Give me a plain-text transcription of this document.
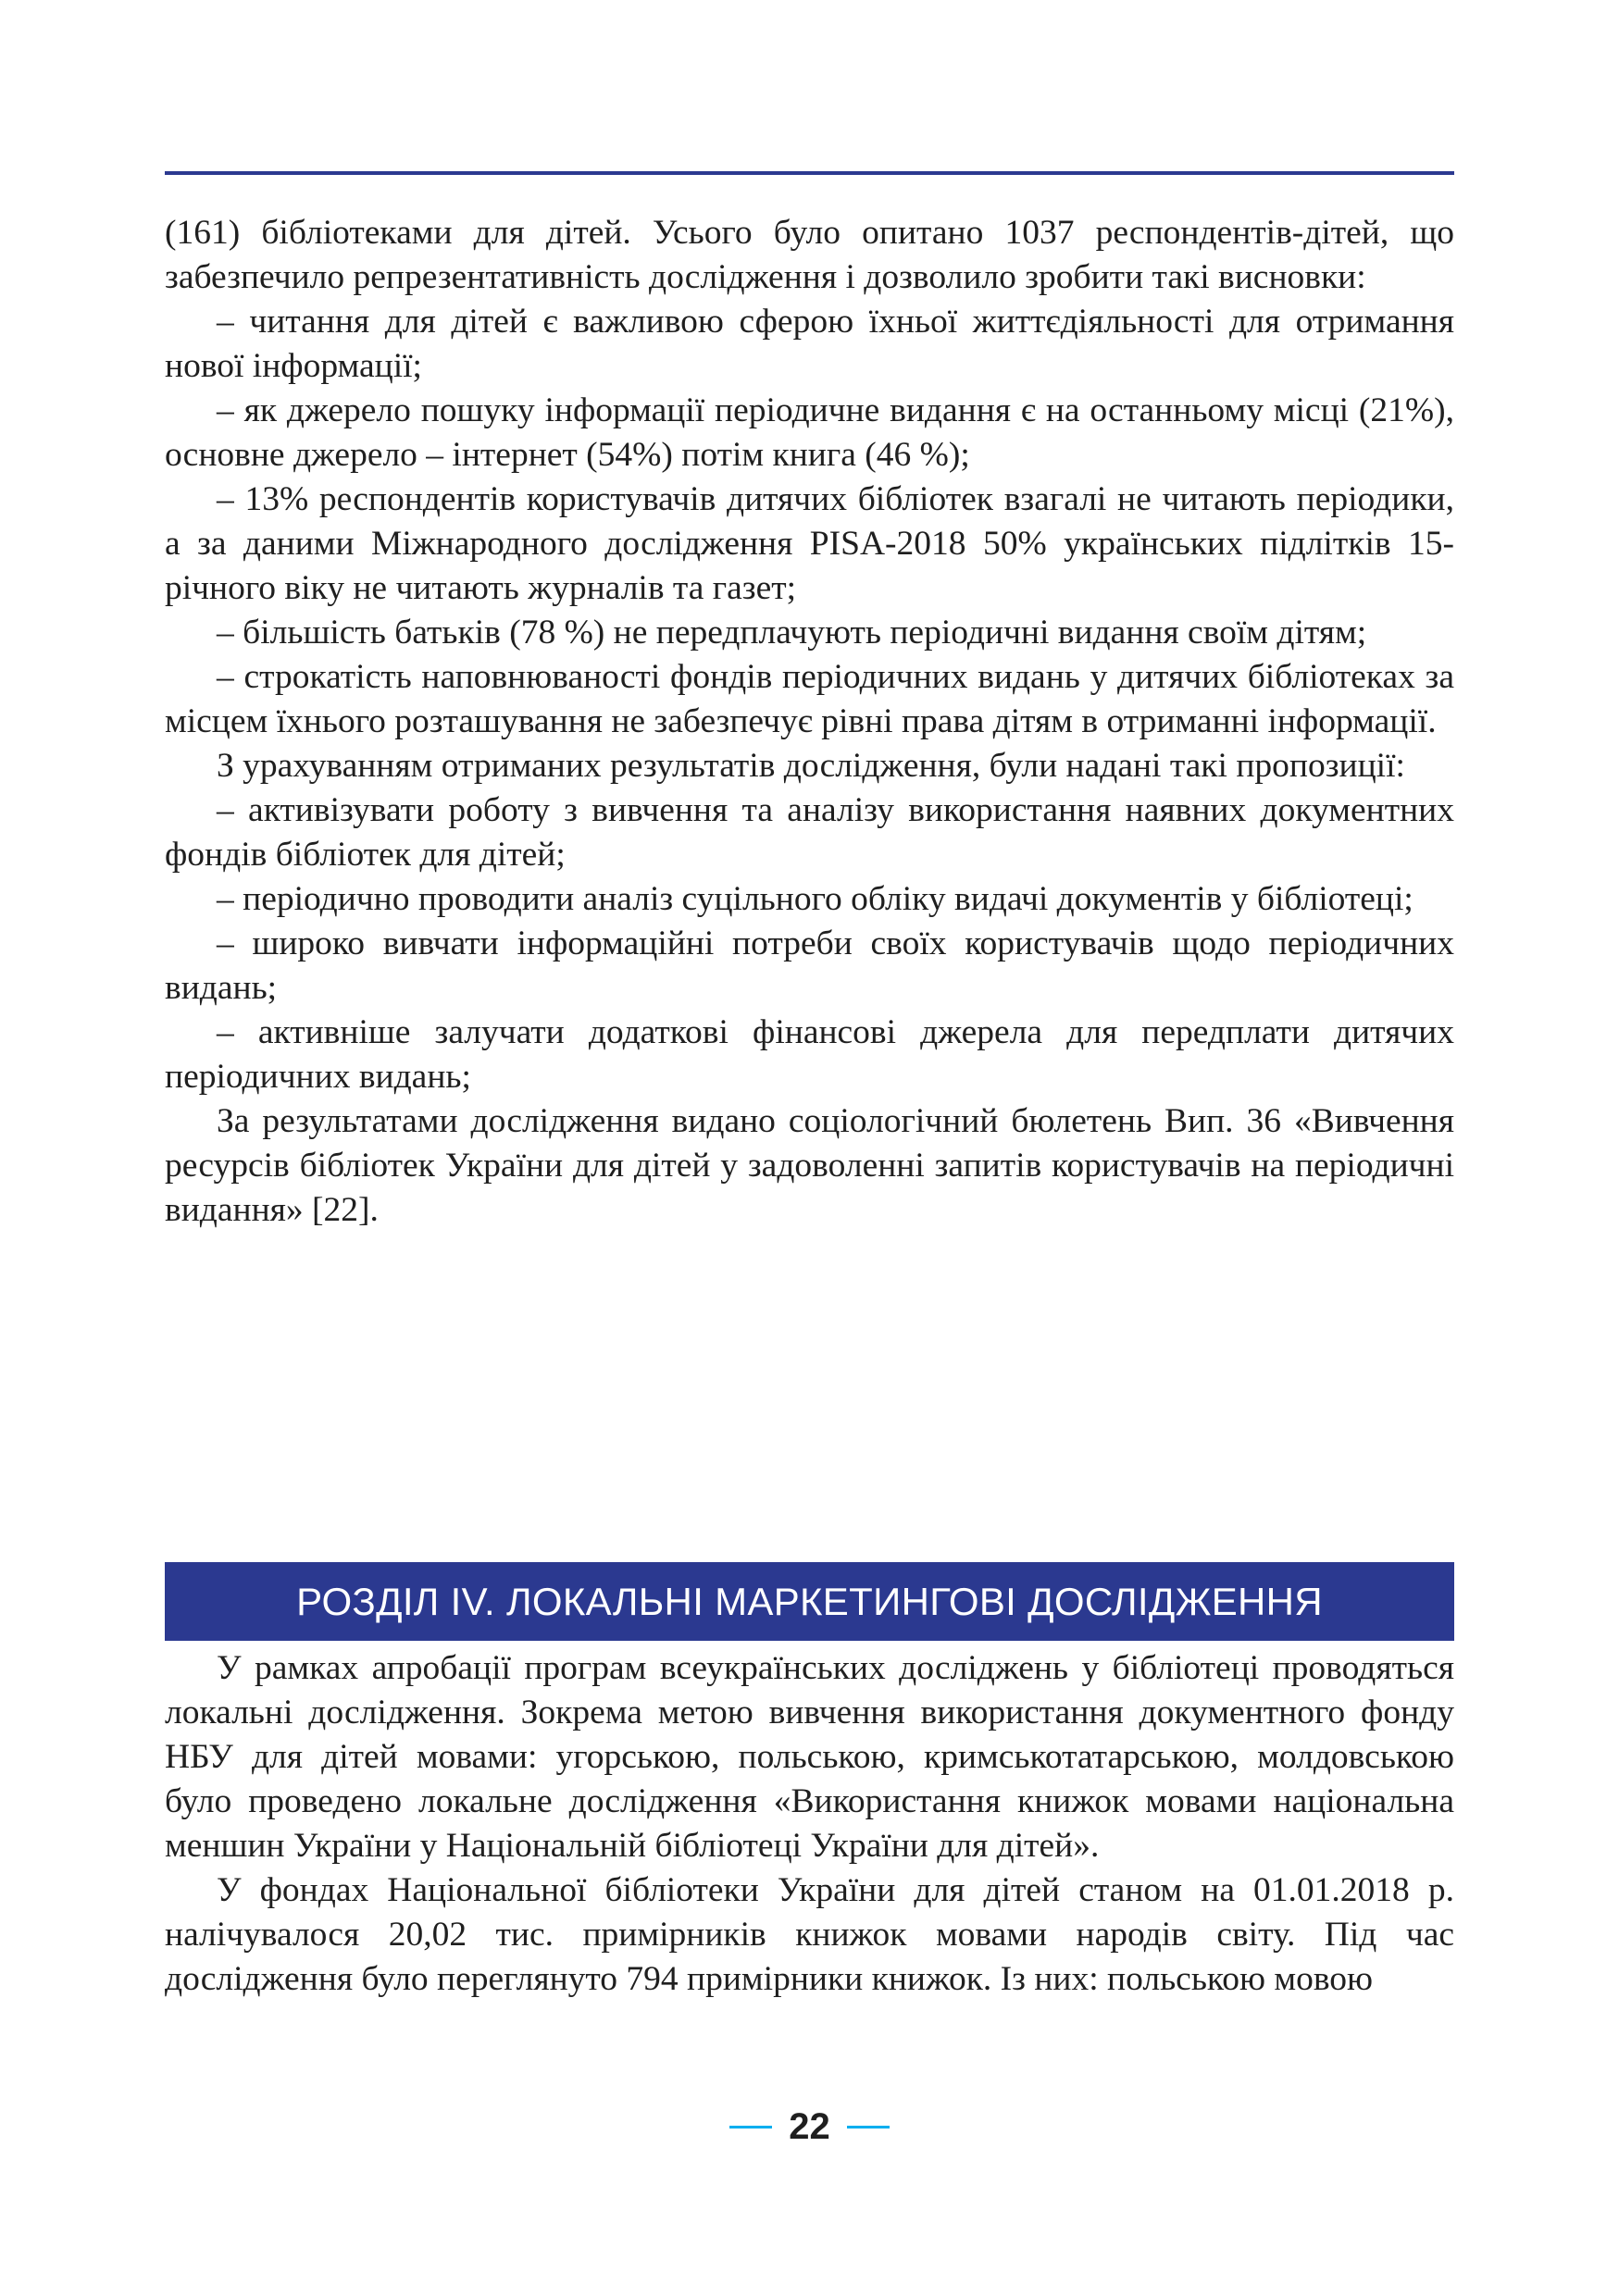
(161) бібліотеками для дітей. Усього було опитано 1037 респондентів-дітей, що забезпечило репрезентативність дослідження і дозволило зробити такі висновки:

– читання для дітей є важливою сферою їхньої життєдіяльності для отримання нової інформації;

– як джерело пошуку інформації періодичне видання є на останньому місці (21%), основне джерело – інтернет (54%) потім книга (46 %);

– 13% респондентів користувачів дитячих бібліотек взагалі не читають періодики, а за даними Міжнародного дослідження PISA-2018 50% українських підлітків 15-річного віку не читають журналів та газет;

– більшість батьків (78 %) не передплачують періодичні видання своїм дітям;

– строкатість наповнюваності фондів періодичних видань у дитячих бібліотеках за місцем їхнього розташування не забезпечує рівні права дітям в отриманні інформації.

З урахуванням отриманих результатів дослідження, були надані такі пропозиції:

– активізувати роботу з вивчення та аналізу використання наявних документних фондів бібліотек для дітей;

– періодично проводити аналіз суцільного обліку видачі документів у бібліотеці;

– широко вивчати інформаційні потреби своїх користувачів щодо періодичних видань;

– активніше залучати додаткові фінансові джерела для передплати дитячих періодичних видань;

За результатами дослідження видано соціологічний бюлетень Вип. 36 «Вивчення ресурсів бібліотек України для дітей у задоволенні запитів користувачів на періодичні видання» [22].

РОЗДІЛ IV. ЛОКАЛЬНІ МАРКЕТИНГОВІ ДОСЛІДЖЕННЯ

У рамках апробації програм всеукраїнських досліджень у бібліотеці проводяться локальні дослідження. Зокрема метою вивчення використання документного фонду НБУ для дітей мовами: угорською, польською, кримськотатарською, молдовською було проведено локальне дослідження «Використання книжок мовами національна меншин України у Національній бібліотеці України для дітей».

У фондах Національної бібліотеки України для дітей станом на 01.01.2018 р. налічувалося 20,02 тис. примірників книжок мовами народів світу. Під час дослідження було переглянуто 794 примірники книжок. Із них: польською мовою

22
